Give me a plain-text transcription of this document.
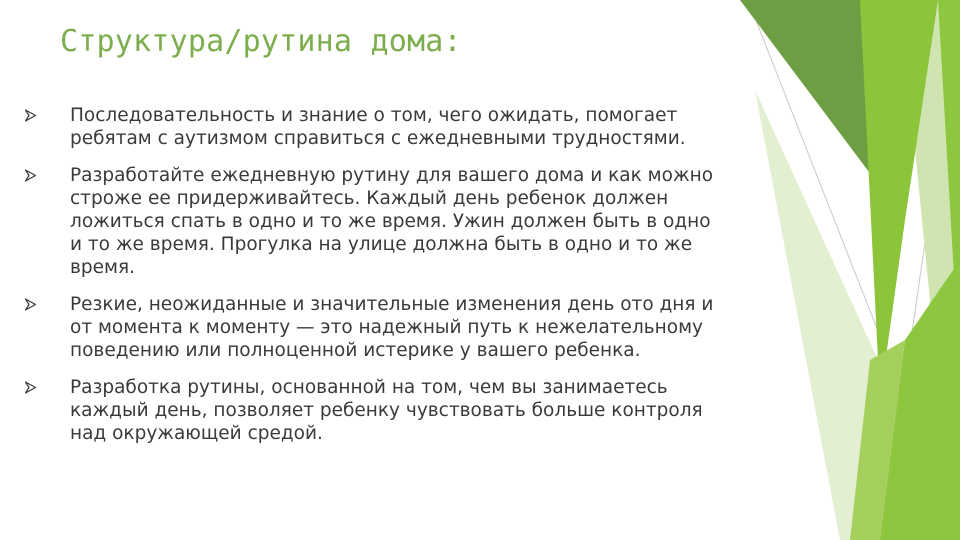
Структура/рутина дома:
Последовательность и знание о том, чего ожидать, помогает ребятам с аутизмом справиться с ежедневными трудностями.
Разработайте ежедневную рутину для вашего дома и как можно строже ее придерживайтесь. Каждый день ребенок должен ложиться спать в одно и то же время. Ужин должен быть в одно и то же время. Прогулка на улице должна быть в одно и то же время.
Резкие, неожиданные и значительные изменения день ото дня и от момента к моменту — это надежный путь к нежелательному поведению или полноценной истерике у вашего ребенка.
Разработка рутины, основанной на том, чем вы занимаетесь каждый день, позволяет ребенку чувствовать больше контроля над окружающей средой.
